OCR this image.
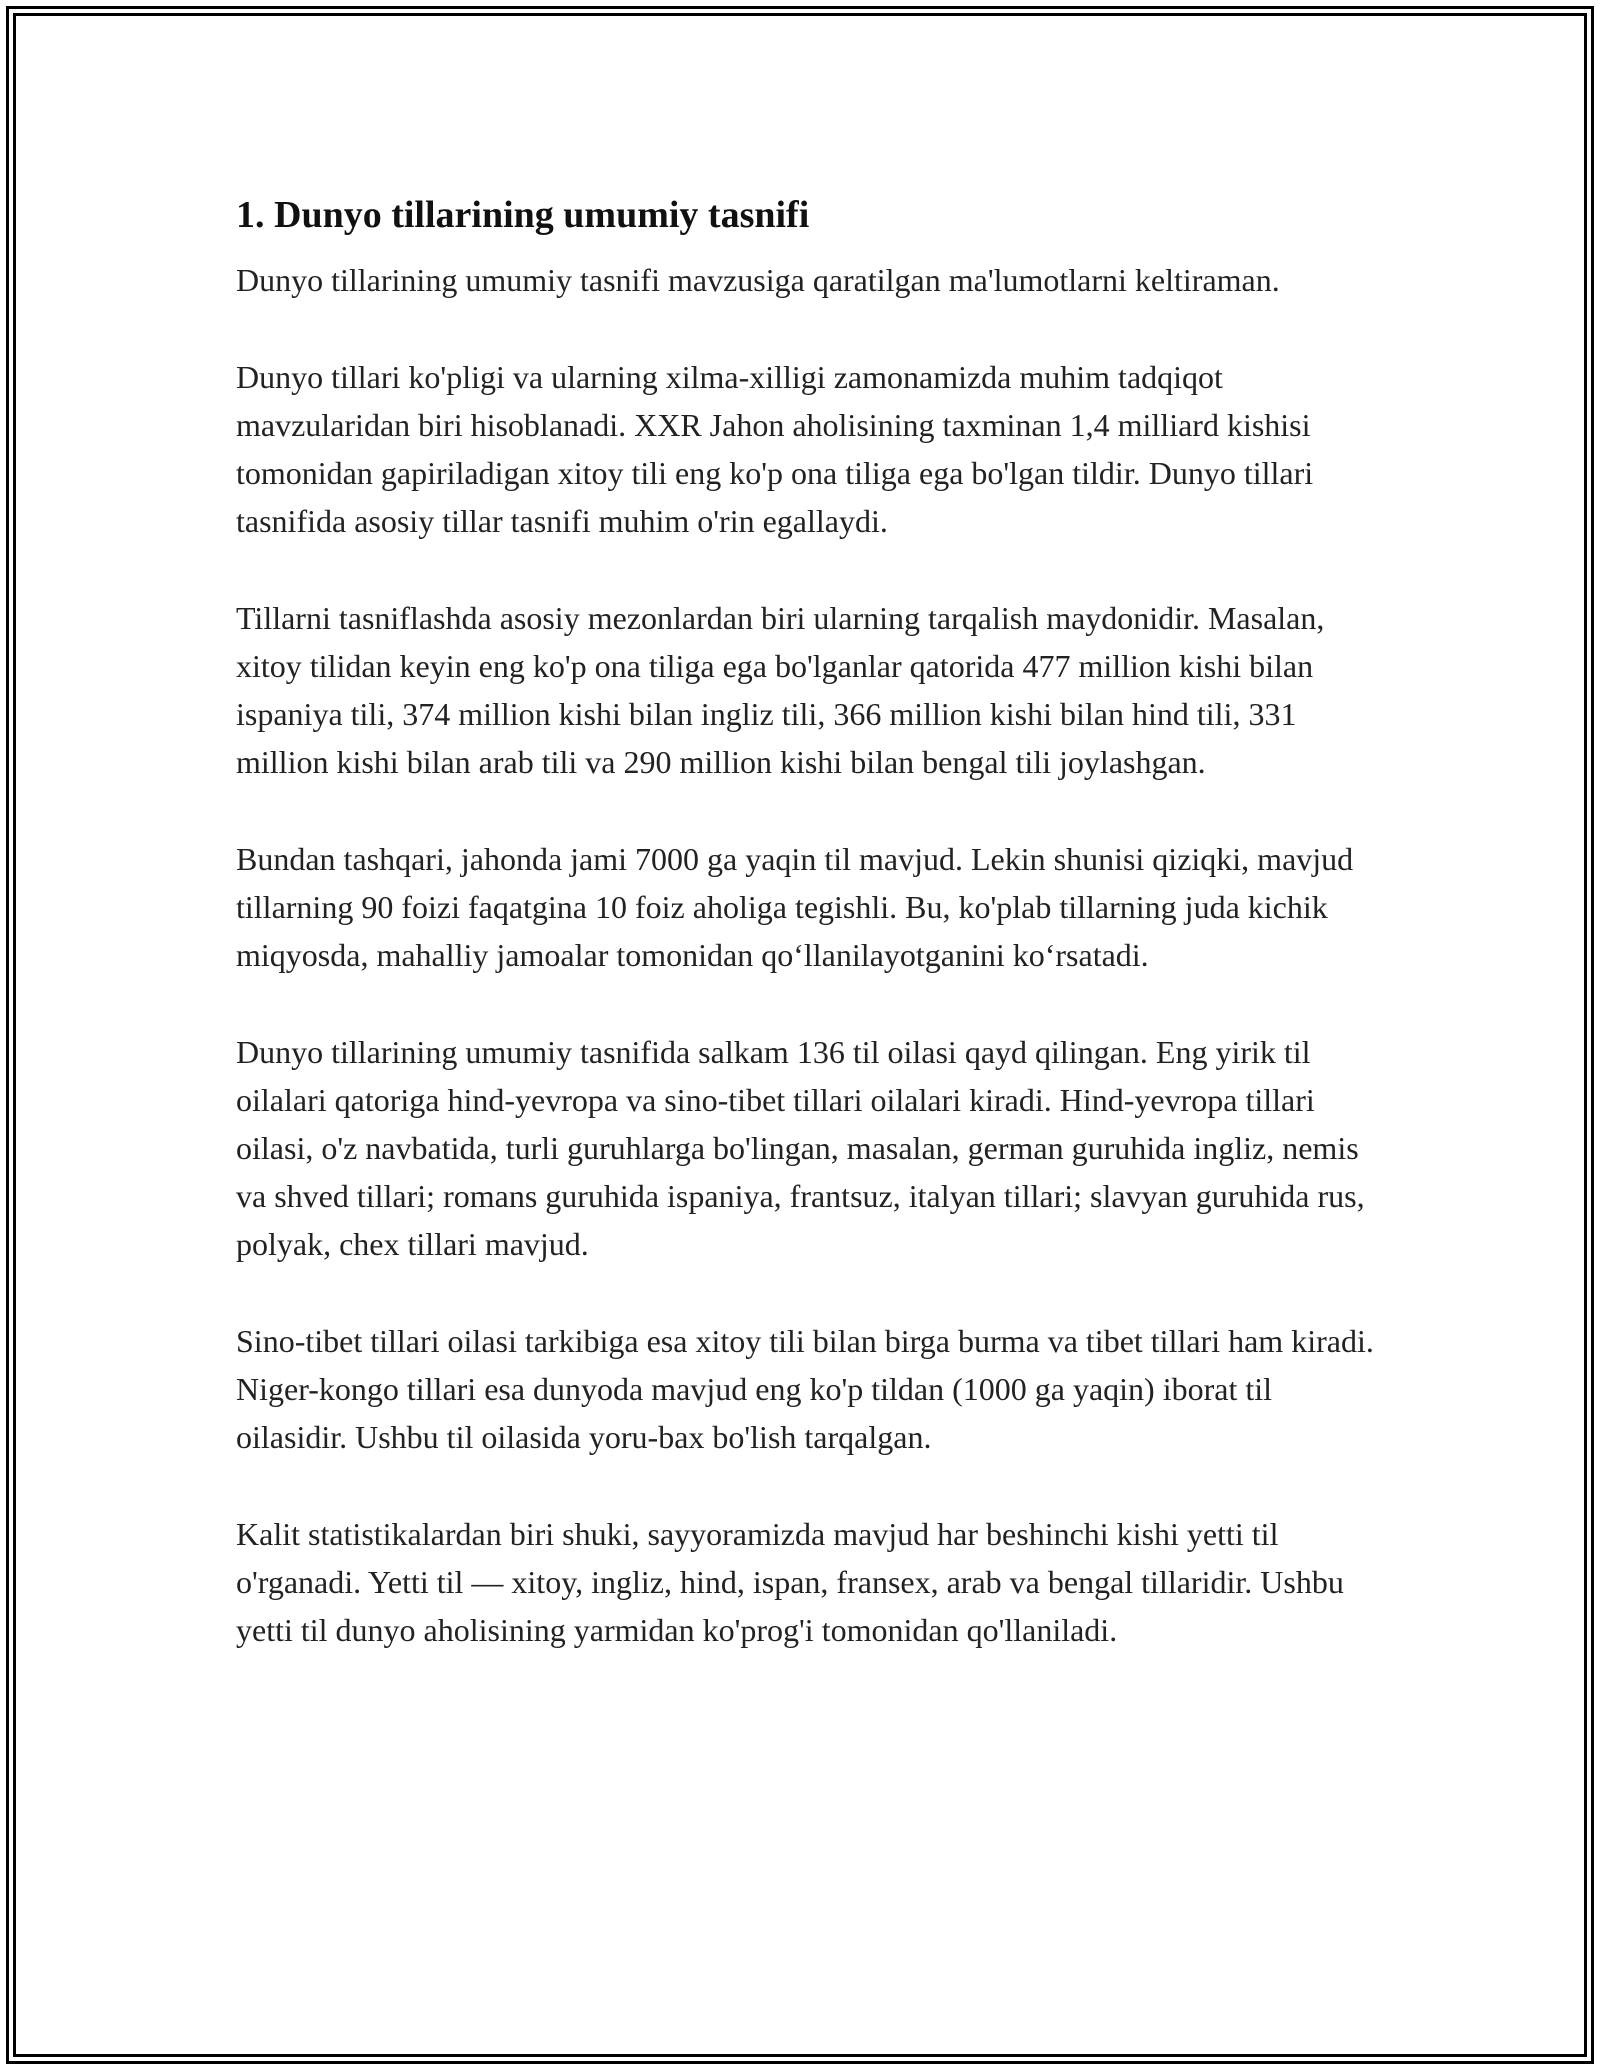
1. Dunyo tillarining umumiy tasnifi

Dunyo tillarining umumiy tasnifi mavzusiga qaratilgan ma'lumotlarni keltiraman.

Dunyo tillari ko'pligi va ularning xilma-xilligi zamonamizda muhim tadqiqot mavzularidan biri hisoblanadi. XXR Jahon aholisining taxminan 1,4 milliard kishisi tomonidan gapiriladigan xitoy tili eng ko'p ona tiliga ega bo'lgan tildir. Dunyo tillari tasnifida asosiy tillar tasnifi muhim o'rin egallaydi.

Tillarni tasniflashda asosiy mezonlardan biri ularning tarqalish maydonidir. Masalan, xitoy tilidan keyin eng ko'p ona tiliga ega bo'lganlar qatorida 477 million kishi bilan ispaniya tili, 374 million kishi bilan ingliz tili, 366 million kishi bilan hind tili, 331 million kishi bilan arab tili va 290 million kishi bilan bengal tili joylashgan.

Bundan tashqari, jahonda jami 7000 ga yaqin til mavjud. Lekin shunisi qiziqki, mavjud tillarning 90 foizi faqatgina 10 foiz aholiga tegishli. Bu, ko'plab tillarning juda kichik miqyosda, mahalliy jamoalar tomonidan qo‘llanilayotganini ko‘rsatadi.

Dunyo tillarining umumiy tasnifida salkam 136 til oilasi qayd qilingan. Eng yirik til oilalari qatoriga hind-yevropa va sino-tibet tillari oilalari kiradi. Hind-yevropa tillari oilasi, o'z navbatida, turli guruhlarga bo'lingan, masalan, german guruhida ingliz, nemis va shved tillari; romans guruhida ispaniya, frantsuz, italyan tillari; slavyan guruhida rus, polyak, chex tillari mavjud.

Sino-tibet tillari oilasi tarkibiga esa xitoy tili bilan birga burma va tibet tillari ham kiradi. Niger-kongo tillari esa dunyoda mavjud eng ko'p tildan (1000 ga yaqin) iborat til oilasidir. Ushbu til oilasida yoru-bax bo'lish tarqalgan.

Kalit statistikalardan biri shuki, sayyoramizda mavjud har beshinchi kishi yetti til o'rganadi. Yetti til — xitoy, ingliz, hind, ispan, fransex, arab va bengal tillaridir. Ushbu yetti til dunyo aholisining yarmidan ko'prog'i tomonidan qo'llaniladi.
